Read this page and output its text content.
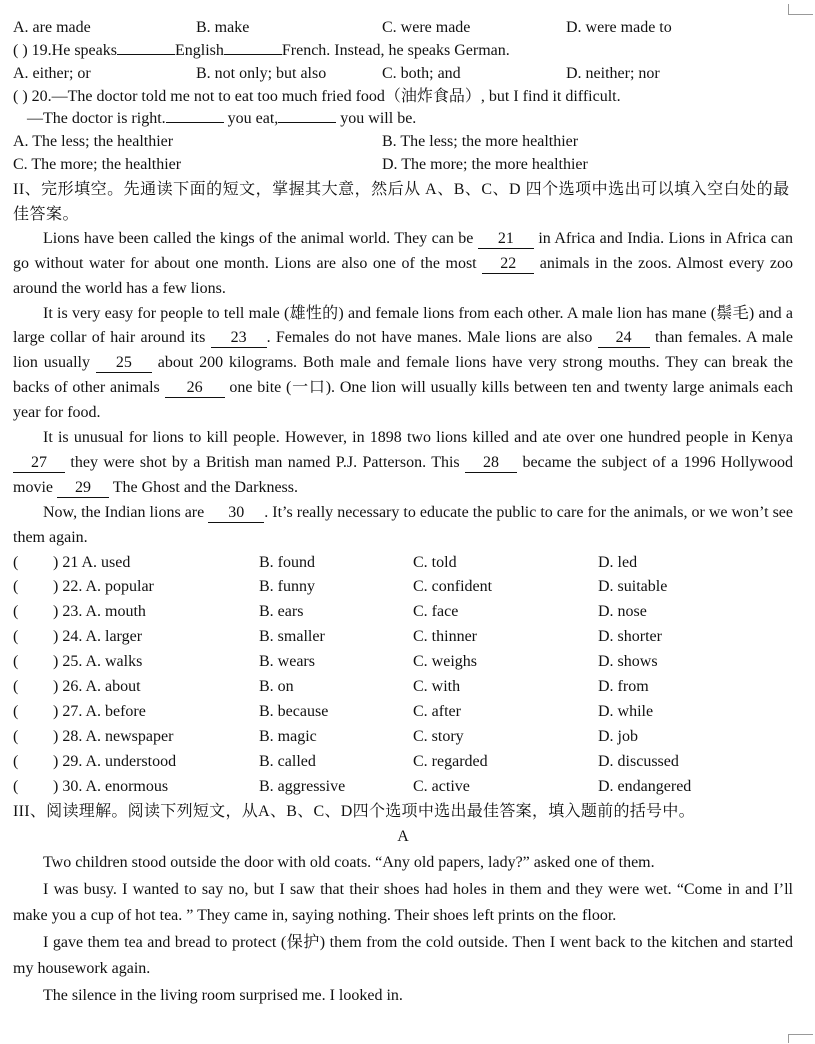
A. are made	B. make	C. were made	D. were made to
( ) 19.He speaks	English	French. Instead, he speaks German.
A. either; or	B. not only; but also	C. both; and	D. neither; nor
( ) 20.—The doctor told me not to eat too much fried food（油炸食品）, but I find it difficult.
—The doctor is right.	you eat,	you will be.
A. The less; the healthier	B. The less; the more healthier
C. The more; the healthier	D. The more; the more healthier
II、完形填空。先通读下面的短文，掌握其大意，然后从 A、B、C、D 四个选项中选出可以填入空白处的最佳答案。
Lions have been called the kings of the animal world. They can be 21 in Africa and India. Lions in Africa can go without water for about one month. Lions are also one of the most 22 animals in the zoos. Almost every zoo around the world has a few lions.
It is very easy for people to tell male (雄性的) and female lions from each other. A male lion has mane (鬃毛) and a large collar of hair around its 23 . Females do not have manes. Male lions are also 24 than females. A male lion usually 25 about 200 kilograms. Both male and female lions have very strong mouths. They can break the backs of other animals 26 one bite (一口). One lion will usually kills between ten and twenty large animals each year for food.
It is unusual for lions to kill people. However, in 1898 two lions killed and ate over one hundred people in Kenya 27 they were shot by a British man named P.J. Patterson. This 28 became the subject of a 1996 Hollywood movie 29 The Ghost and the Darkness.
Now, the Indian lions are 30 . It’s really necessary to educate the public to care for the animals, or we won’t see them again.
( ) 21 A. used	B. found	C. told	D. led
( ) 22. A. popular	B. funny	C. confident	D. suitable
( ) 23. A. mouth	B. ears	C. face	D. nose
( ) 24. A. larger	B. smaller	C. thinner	D. shorter
( ) 25. A. walks	B. wears	C. weighs	D. shows
( ) 26. A. about	B. on	C. with	D. from
( ) 27. A. before	B. because	C. after	D. while
( ) 28. A. newspaper	B. magic	C. story	D. job
( ) 29. A. understood	B. called	C. regarded	D. discussed
( ) 30. A. enormous	B. aggressive	C. active	D. endangered
III、阅读理解。阅读下列短文，从A、B、C、D四个选项中选出最佳答案，填入题前的括号中。
A
Two children stood outside the door with old coats. “Any old papers, lady?” asked one of them.
I was busy. I wanted to say no, but I saw that their shoes had holes in them and they were wet. “Come in and I’ll make you a cup of hot tea. ” They came in, saying nothing. Their shoes left prints on the floor.
I gave them tea and bread to protect (保护) them from the cold outside. Then I went back to the kitchen and started my housework again.
The silence in the living room surprised me. I looked in.
